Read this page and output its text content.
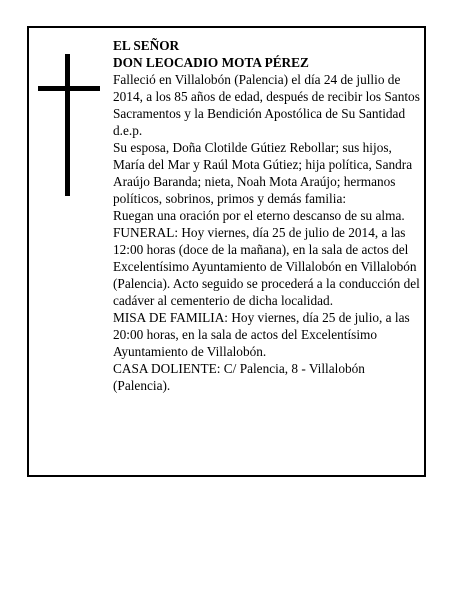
EL SEÑOR

DON LEOCADIO MOTA PÉREZ

Falleció en Villalobón (Palencia) el día 24 de jullio de 2014, a los 85 años de edad, después de recibir los Santos Sacramentos y la Bendición Apostólica de Su Santidad

d.e.p.

Su esposa, Doña Clotilde Gútiez Rebollar; sus hijos, María del Mar y Raúl Mota Gútiez; hija política, Sandra Araújo Baranda; nieta, Noah Mota Araújo; hermanos políticos, sobrinos, primos y demás familia:

Ruegan una oración por el eterno descanso de su alma.

FUNERAL: Hoy viernes, día 25 de julio de 2014, a las 12:00 horas (doce de la mañana), en la sala de actos del Excelentísimo Ayuntamiento de Villalobón en Villalobón (Palencia). Acto seguido se procederá a la conducción del cadáver al cementerio de dicha localidad.

MISA DE FAMILIA: Hoy viernes, día 25 de julio, a las 20:00 horas, en la sala de actos del Excelentísimo Ayuntamiento de Villalobón.

CASA DOLIENTE: C/ Palencia, 8 - Villalobón (Palencia).
